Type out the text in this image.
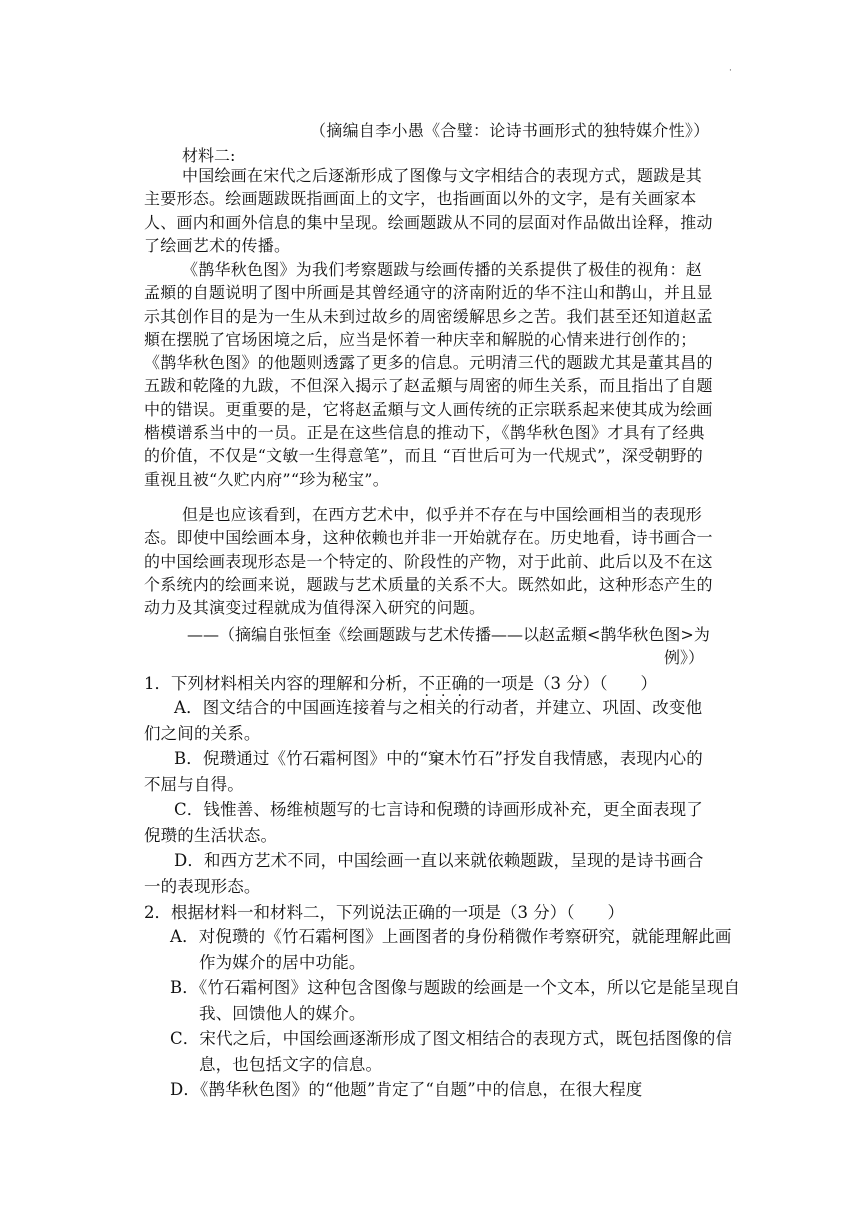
·
（摘编自李小愚《合璧：论诗书画形式的独特媒介性》）
材料二:

中国绘画在宋代之后逐渐形成了图像与文字相结合的表现方式，题跋是其主要形态。绘画题跋既指画面上的文字，也指画面以外的文字，是有关画家本人、画内和画外信息的集中呈现。绘画题跋从不同的层面对作品做出诠释，推动了绘画艺术的传播。

《鹊华秋色图》为我们考察题跋与绘画传播的关系提供了极佳的视角：赵孟頫的自题说明了图中所画是其曾经通守的济南附近的华不注山和鹊山，并且显示其创作目的是为一生从未到过故乡的周密缓解思乡之苦。我们甚至还知道赵孟頫在摆脱了官场困境之后，应当是怀着一种庆幸和解脱的心情来进行创作的；《鹊华秋色图》的他题则透露了更多的信息。元明清三代的题跋尤其是董其昌的五跋和乾隆的九跋，不但深入揭示了赵孟頫与周密的师生关系，而且指出了自题中的错误。更重要的是，它将赵孟頫与文人画传统的正宗联系起来使其成为绘画楷模谱系当中的一员。正是在这些信息的推动下，《鹊华秋色图》才具有了经典的价值，不仅是“文敏一生得意笔”，而且 “百世后可为一代规式”，深受朝野的重视且被“久贮内府”“珍为秘宝”。

但是也应该看到，在西方艺术中，似乎并不存在与中国绘画相当的表现形态。即使中国绘画本身，这种依赖也并非一开始就存在。历史地看，诗书画合一的中国绘画表现形态是一个特定的、阶段性的产物，对于此前、此后以及不在这个系统内的绘画来说，题跋与艺术质量的关系不大。既然如此，这种形态产生的动力及其演变过程就成为值得深入研究的问题。

——（摘编自张恒奎《绘画题跋与艺术传播——以赵孟頫<鹊华秋色图>为
例》）
1．下列材料相关内容的理解和分析，不正确的一项是（3 分）（　　）

A．图文结合的中国画连接着与之相关的行动者，并建立、巩固、改变他们之间的关系。

B．倪瓒通过《竹石霜柯图》中的“窠木竹石”抒发自我情感，表现内心的不屈与自得。

C．钱惟善、杨维桢题写的七言诗和倪瓒的诗画形成补充，更全面表现了倪瓒的生活状态。

D．和西方艺术不同，中国绘画一直以来就依赖题跋，呈现的是诗书画合一的表现形态。

2．根据材料一和材料二，下列说法正确的一项是（3 分）（　　）

A．对倪瓒的《竹石霜柯图》上画图者的身份稍微作考察研究，就能理解此画作为媒介的居中功能。

B．《竹石霜柯图》这种包含图像与题跋的绘画是一个文本，所以它是能呈现自我、回馈他人的媒介。

C．宋代之后，中国绘画逐渐形成了图文相结合的表现方式，既包括图像的信息，也包括文字的信息。

D．《鹊华秋色图》的“他题”肯定了“自题”中的信息，在很大程度
